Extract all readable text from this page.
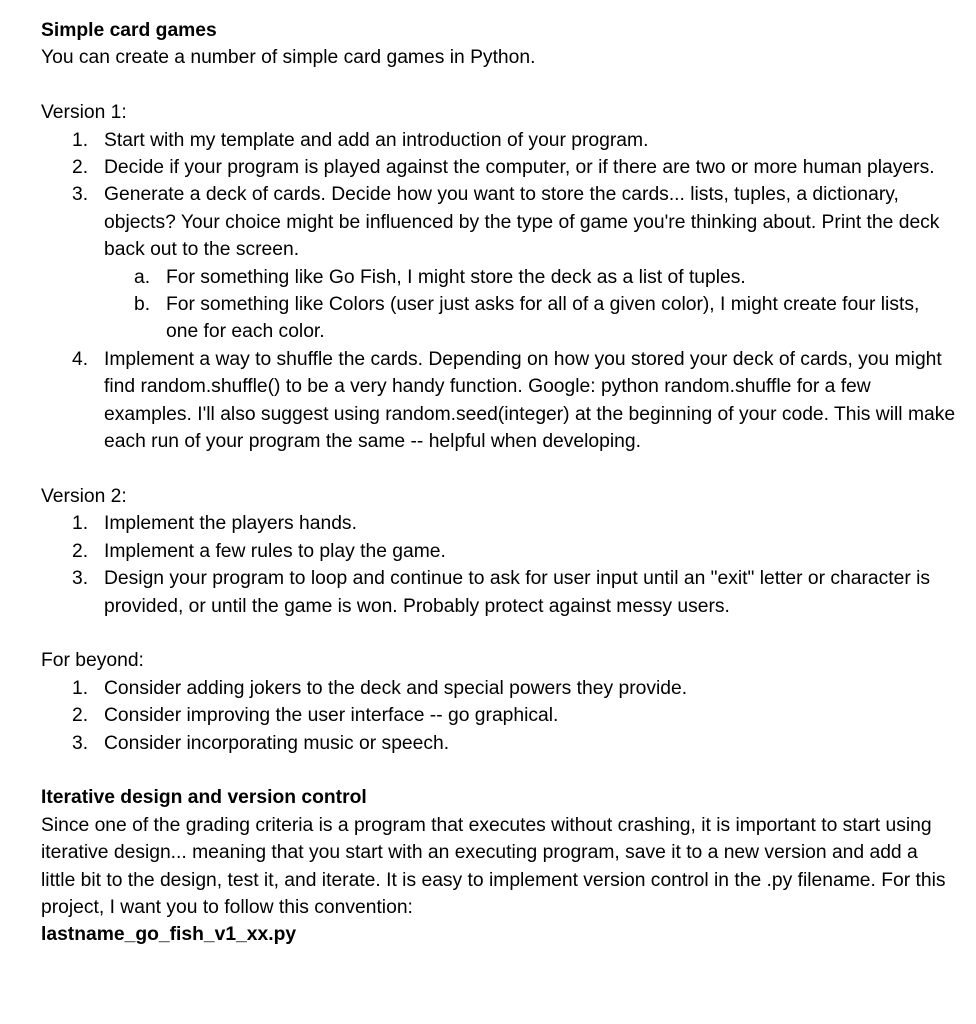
Simple card games

You can create a number of simple card games in Python.

Version 1:

1. Start with my template and add an introduction of your program.
2. Decide if your program is played against the computer, or if there are two or more human players.
3. Generate a deck of cards. Decide how you want to store the cards... lists, tuples, a dictionary, objects? Your choice might be influenced by the type of game you're thinking about. Print the deck back out to the screen.
a. For something like Go Fish, I might store the deck as a list of tuples.
b. For something like Colors (user just asks for all of a given color), I might create four lists, one for each color.
4. Implement a way to shuffle the cards. Depending on how you stored your deck of cards, you might find random.shuffle() to be a very handy function. Google: python random.shuffle for a few examples. I'll also suggest using random.seed(integer) at the beginning of your code. This will make each run of your program the same -- helpful when developing.

Version 2:

1. Implement the players hands.
2. Implement a few rules to play the game.
3. Design your program to loop and continue to ask for user input until an "exit" letter or character is provided, or until the game is won. Probably protect against messy users.

For beyond:

1. Consider adding jokers to the deck and special powers they provide.
2. Consider improving the user interface -- go graphical.
3. Consider incorporating music or speech.

Iterative design and version control

Since one of the grading criteria is a program that executes without crashing, it is important to start using iterative design... meaning that you start with an executing program, save it to a new version and add a little bit to the design, test it, and iterate. It is easy to implement version control in the .py filename. For this project, I want you to follow this convention:

lastname_go_fish_v1_xx.py
